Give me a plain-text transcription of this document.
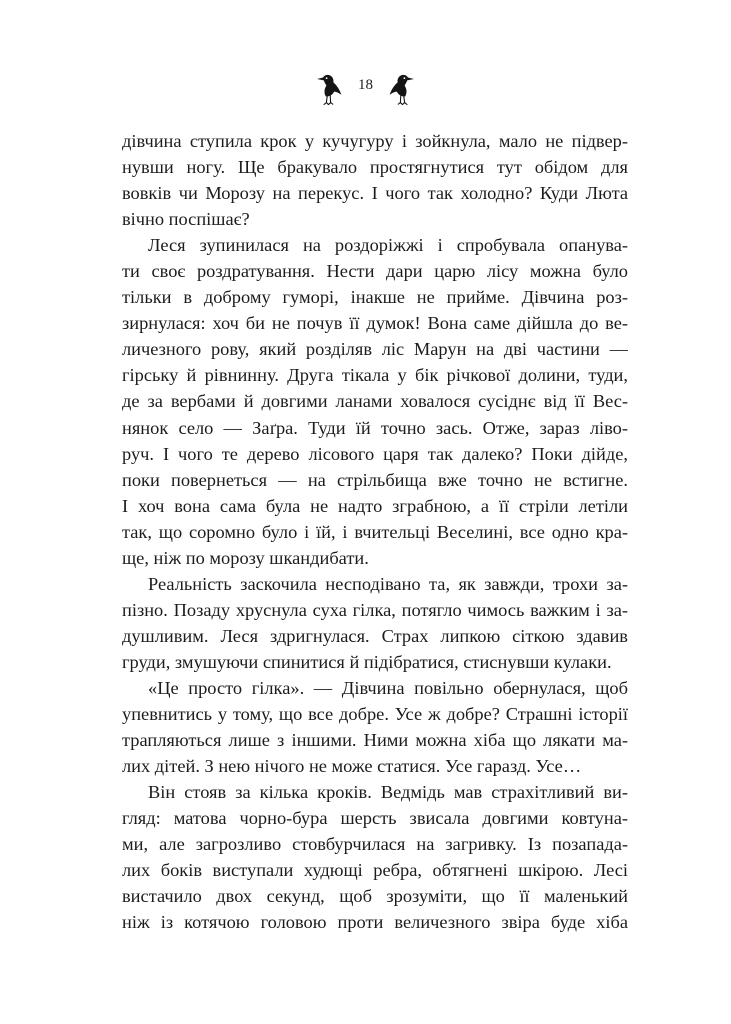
18
дівчина ступила крок у кучугуру і зойкнула, мало не підвер-
нувши ногу. Ще бракувало простягнутися тут обідом для
вовків чи Морозу на перекус. І чого так холодно? Куди Люта
вічно поспішає?
Леся зупинилася на роздоріжжі і спробувала опанува-
ти своє роздратування. Нести дари царю лісу можна було
тільки в доброму гуморі, інакше не прийме. Дівчина роз-
зирнулася: хоч би не почув її думок! Вона саме дійшла до ве-
личезного рову, який розділяв ліс Марун на дві частини —
гірську й рівнинну. Друга тікала у бік річкової долини, туди,
де за вербами й довгими ланами ховалося сусіднє від її Вес-
нянок село — Заґра. Туди їй точно зась. Отже, зараз ліво-
руч. І чого те дерево лісового царя так далеко? Поки дійде,
поки повернеться — на стрільбища вже точно не встигне.
І хоч вона сама була не надто зграбною, а її стріли летіли
так, що соромно було і їй, і вчительці Веселині, все одно кра-
ще, ніж по морозу шкандибати.
Реальність заскочила несподівано та, як завжди, трохи за-
пізно. Позаду хруснула суха гілка, потягло чимось важким і за-
душливим. Леся здригнулася. Страх липкою сіткою здавив
груди, змушуючи спинитися й підібратися, стиснувши кулаки.
«Це просто гілка». — Дівчина повільно обернулася, щоб
упевнитись у тому, що все добре. Усе ж добре? Страшні історії
трапляються лише з іншими. Ними можна хіба що лякати ма-
лих дітей. З нею нічого не може статися. Усе гаразд. Усе…
Він стояв за кілька кроків. Ведмідь мав страхітливий ви-
гляд: матова чорно-бура шерсть звисала довгими ковтуна-
ми, але загрозливо стовбурчилася на загривку. Із позапада-
лих боків виступали худющі ребра, обтягнені шкірою. Лесі
вистачило двох секунд, щоб зрозуміти, що її маленький
ніж із котячою головою проти величезного звіра буде хіба
